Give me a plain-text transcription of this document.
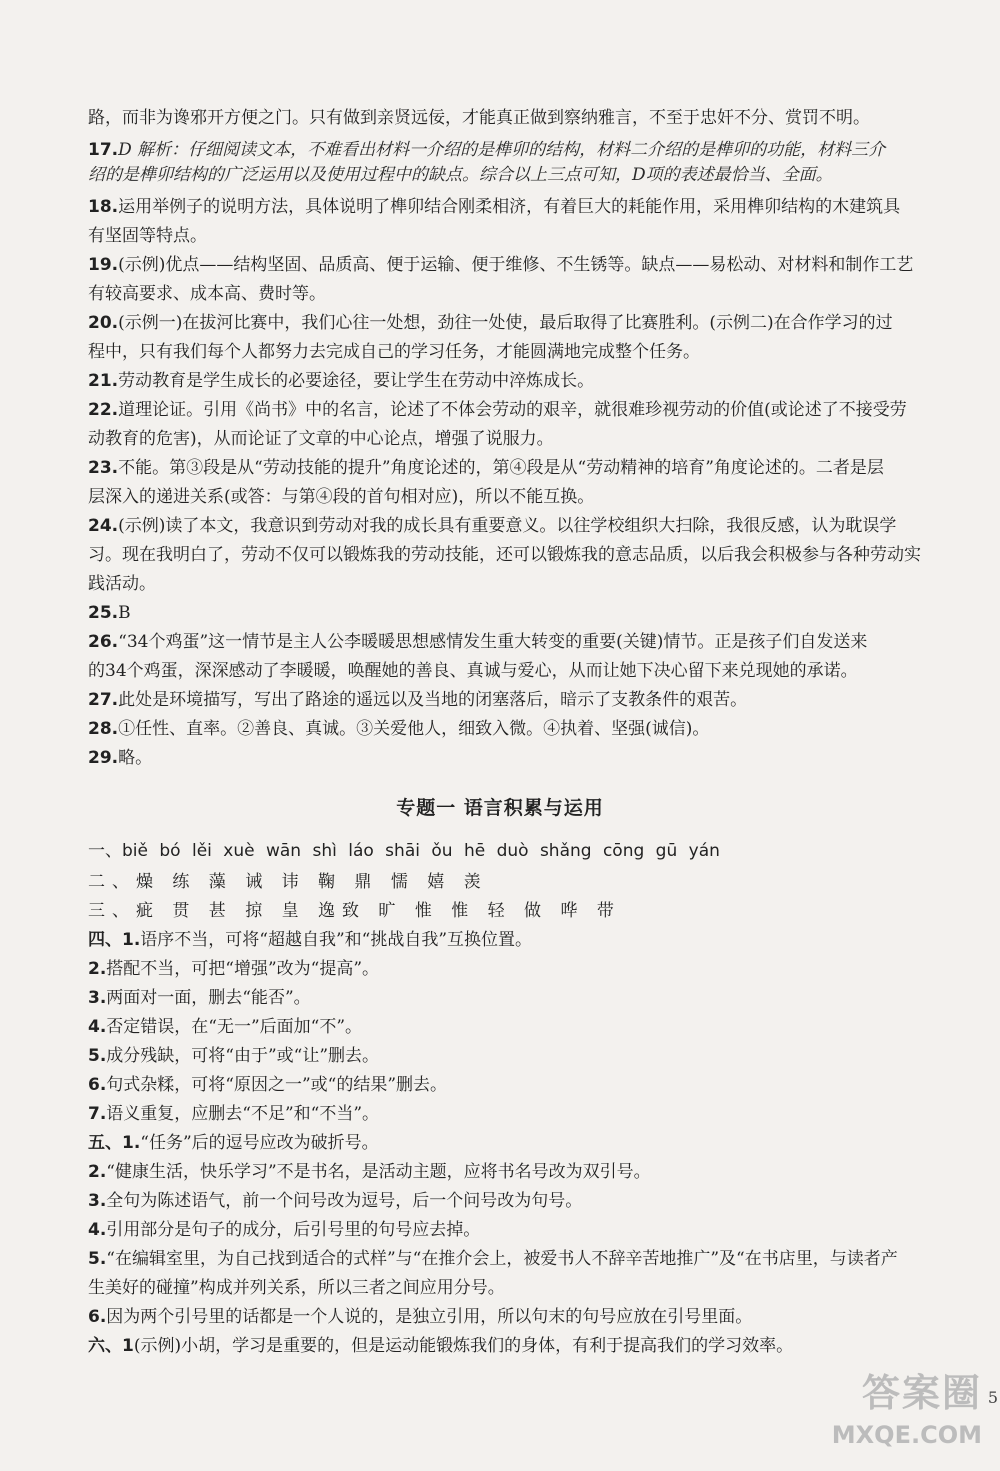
路，而非为谗邪开方便之门。只有做到亲贤远佞，才能真正做到察纳雅言，不至于忠奸不分、赏罚不明。
17.D 解析：仔细阅读文本，不难看出材料一介绍的是榫卯的结构，材料二介绍的是榫卯的功能，材料三介
绍的是榫卯结构的广泛运用以及使用过程中的缺点。综合以上三点可知，D项的表述最恰当、全面。
18.运用举例子的说明方法，具体说明了榫卯结合刚柔相济，有着巨大的耗能作用，采用榫卯结构的木建筑具
有坚固等特点。
19.(示例)优点——结构坚固、品质高、便于运输、便于维修、不生锈等。缺点——易松动、对材料和制作工艺
有较高要求、成本高、费时等。
20.(示例一)在拔河比赛中，我们心往一处想，劲往一处使，最后取得了比赛胜利。(示例二)在合作学习的过
程中，只有我们每个人都努力去完成自己的学习任务，才能圆满地完成整个任务。
21.劳动教育是学生成长的必要途径，要让学生在劳动中淬炼成长。
22.道理论证。引用《尚书》中的名言，论述了不体会劳动的艰辛，就很难珍视劳动的价值(或论述了不接受劳
动教育的危害)，从而论证了文章的中心论点，增强了说服力。
23.不能。第③段是从“劳动技能的提升”角度论述的，第④段是从“劳动精神的培育”角度论述的。二者是层
层深入的递进关系(或答：与第④段的首句相对应)，所以不能互换。
24.(示例)读了本文，我意识到劳动对我的成长具有重要意义。以往学校组织大扫除，我很反感，认为耽误学
习。现在我明白了，劳动不仅可以锻炼我的劳动技能，还可以锻炼我的意志品质，以后我会积极参与各种劳动实
践活动。
25.B
26.“34个鸡蛋”这一情节是主人公李暖暖思想感情发生重大转变的重要(关键)情节。正是孩子们自发送来
的34个鸡蛋，深深感动了李暖暖，唤醒她的善良、真诚与爱心，从而让她下决心留下来兑现她的承诺。
27.此处是环境描写，写出了路途的遥远以及当地的闭塞落后，暗示了支教条件的艰苦。
28.①任性、直率。②善良、真诚。③关爱他人，细致入微。④执着、坚强(诚信)。
29.略。
专题一 语言积累与运用
一、biě bó lěi xuè wān shì láo shāi ǒu hē duò shǎng cōng gū yán
二、燥 练 藻 诫 讳 鞠 鼎 懦 嬉 羡
三、疵 贯 甚 掠 皇 逸致 旷 惟 惟 轻 做 哗 带
四、1.语序不当，可将“超越自我”和“挑战自我”互换位置。
2.搭配不当，可把“增强”改为“提高”。
3.两面对一面，删去“能否”。
4.否定错误，在“无一”后面加“不”。
5.成分残缺，可将“由于”或“让”删去。
6.句式杂糅，可将“原因之一”或“的结果”删去。
7.语义重复，应删去“不足”和“不当”。
五、1.“任务”后的逗号应改为破折号。
2.“健康生活，快乐学习”不是书名，是活动主题，应将书名号改为双引号。
3.全句为陈述语气，前一个问号改为逗号，后一个问号改为句号。
4.引用部分是句子的成分，后引号里的句号应去掉。
5.“在编辑室里，为自己找到适合的式样”与“在推介会上，被爱书人不辞辛苦地推广”及“在书店里，与读者产
生美好的碰撞”构成并列关系，所以三者之间应用分号。
6.因为两个引号里的话都是一个人说的，是独立引用，所以句末的句号应放在引号里面。
六、1(示例)小胡，学习是重要的，但是运动能锻炼我们的身体，有利于提高我们的学习效率。
答案圈
MXQE.COM
5
